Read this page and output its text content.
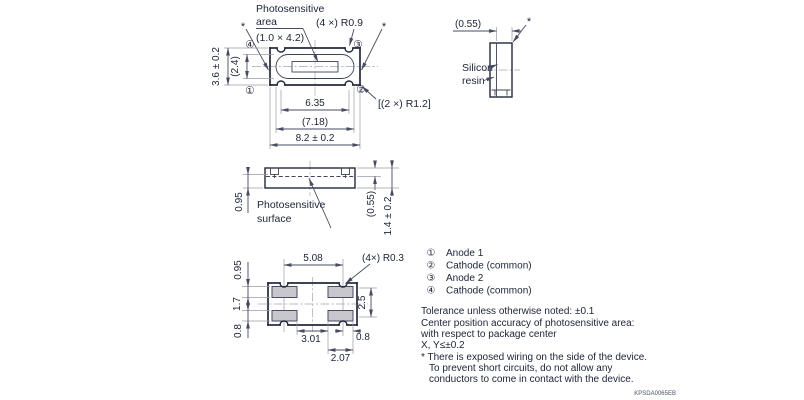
④	③
①	②
Photosensitive
area
(1.0 × 4.2)
(4 ×) R0.9
[(2 ×) R1.2]
*	*
3.6 ± 0.2 (2.4)
6.35
(7.18)
8.2 ± 0.2
(0.55)
Silicon
resin
*
0.95	(0.55) 1.4 ± 0.2
Photosensitive
surface
5.08	(4×) R0.3
0.95
1.7
0.8
2.5
3.01	0.8
2.07
① Anode 1
② Cathode (common)
③ Anode 2
④ Cathode (common)
Tolerance unless otherwise noted: ±0.1
Center position accuracy of photosensitive area:
with respect to package center
X, Y≤±0.2
* There is exposed wiring on the side of the device.
To prevent short circuits, do not allow any
conductors to come in contact with the device.
KPSDA0065EB
